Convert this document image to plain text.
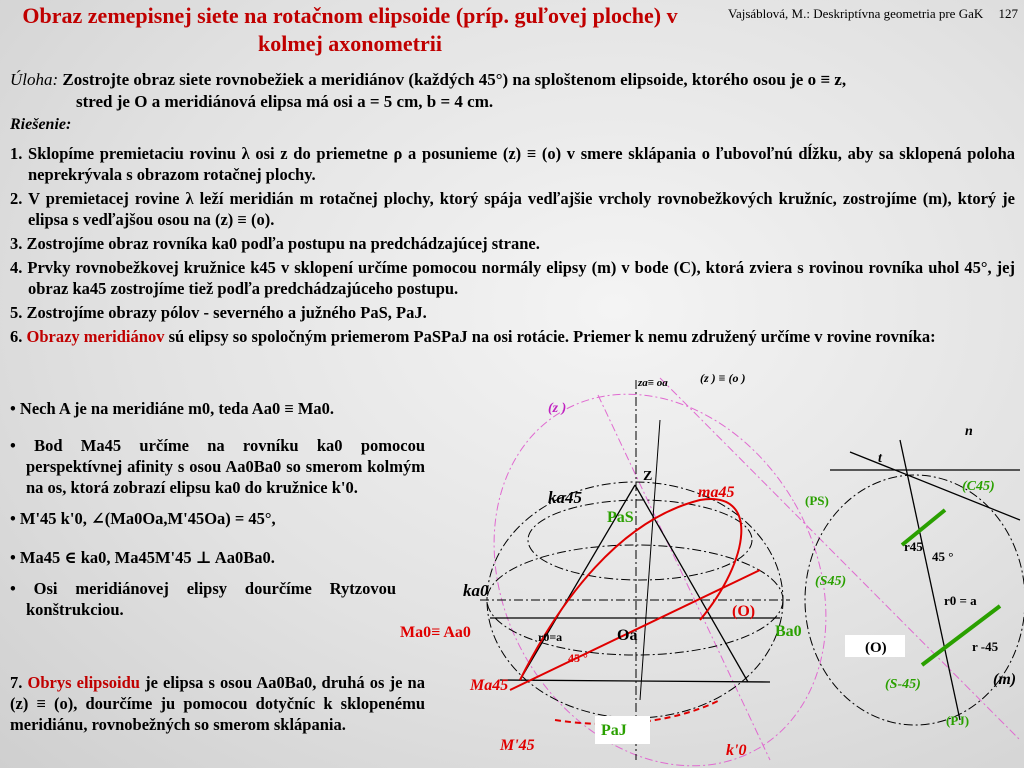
Obraz zemepisnej siete na rotačnom elipsoide (príp. guľovej ploche) v kolmej axonometrii
Vajsáblová, M.: Deskriptívna geometria pre GaK 127
Úloha: Zostrojte obraz siete rovnobežiek a meridiánov (každých 45°) na sploštenom elipsoide, ktorého osou je o ≡ z,
stred je O a meridiánová elipsa má osi a = 5 cm, b = 4 cm.
Riešenie:

1. Sklopíme premietaciu rovinu λ osi z do priemetne ρ a posunieme (z) ≡ (o) v smere sklápania o ľubovoľnú dĺžku, aby sa sklopená poloha neprekrývala s obrazom rotačnej plochy.

2. V premietacej rovine λ leží meridián m rotačnej plochy, ktorý spája vedľajšie vrcholy rovnobežkových kružníc, zostrojíme (m), ktorý je elipsa s vedľajšou osou na (z) ≡ (o).

3. Zostrojíme obraz rovníka ka0 podľa postupu na predchádzajúcej strane.

4. Prvky rovnobežkovej kružnice k45 v sklopení určíme pomocou normály elipsy (m) v bode (C), ktorá zviera s rovinou rovníka uhol 45°, jej obraz ka45 zostrojíme tiež podľa predchádzajúceho postupu.

5. Zostrojíme obrazy pólov - severného a južného PaS, PaJ.

6. Obrazy meridiánov sú elipsy so spoločným priemerom PaSPaJ na osi rotácie. Priemer k nemu združený určíme v rovine rovníka:

• Nech A je na meridiáne m0, teda Aa0 ≡ Ma0.

• Bod Ma45 určíme na rovníku ka0 pomocou perspektívnej afinity s osou Aa0Ba0 so smerom kolmým na os, ktorá zobrazí elipsu ka0 do kružnice k'0.

• M'45 k'0, ∠(Ma0Oa,M'45Oa) = 45°,

• Ma45 ∈ ka0, Ma45M'45 ⊥ Aa0Ba0.

• Osi meridiánovej elipsy dourčíme Rytzovou konštrukciou.

7. Obrys elipsoidu je elipsa s osou Aa0Ba0, druhá os je na (z) ≡ (o), dourčíme ju pomocou dotyčníc k sklopenému meridiánu, rovnobežných so smerom sklápania.

za≡ oa	(z ) ≡ (o )
(z )
n
t
Z
ka45	ma45	(C45)
(PS)
PaS
r45
45 °
(S45)
ka0
(O)
Ba0
r0 = a
Ma0≡ Aa0	r0=a	Oa
45 °
(O)	r -45
(m)
(S-45)
Ma45
(PJ)
PaJ
M'45	k'0
